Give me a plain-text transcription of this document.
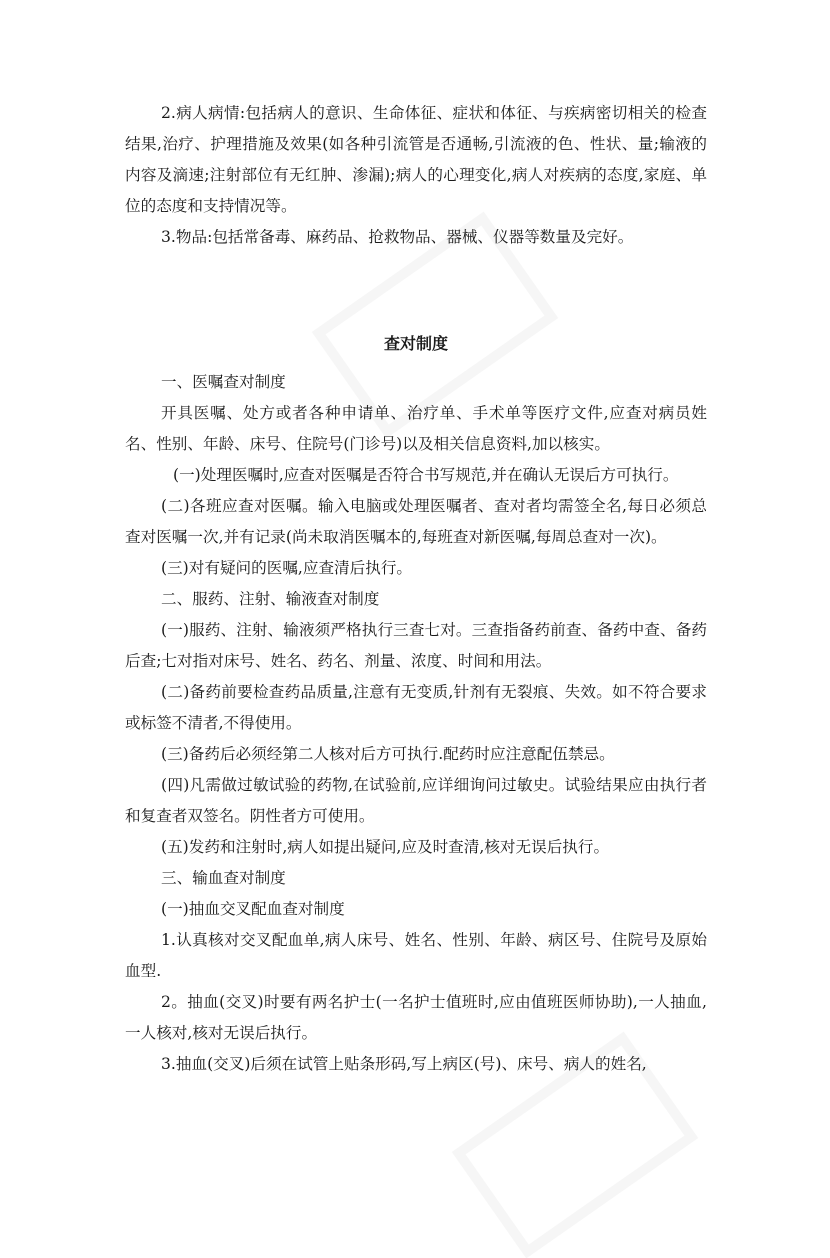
2.病人病情:包括病人的意识、生命体征、症状和体征、与疾病密切相关的检查结果,治疗、护理措施及效果(如各种引流管是否通畅,引流液的色、性状、量;输液的内容及滴速;注射部位有无红肿、渗漏);病人的心理变化,病人对疾病的态度,家庭、单位的态度和支持情况等。

3.物品:包括常备毒、麻药品、抢救物品、器械、仪器等数量及完好。

查对制度

一、医嘱查对制度

开具医嘱、处方或者各种申请单、治疗单、手术单等医疗文件,应查对病员姓名、性别、年龄、床号、住院号(门诊号)以及相关信息资料,加以核实。

(一)处理医嘱时,应查对医嘱是否符合书写规范,并在确认无误后方可执行。

(二)各班应查对医嘱。输入电脑或处理医嘱者、查对者均需签全名,每日必须总查对医嘱一次,并有记录(尚未取消医嘱本的,每班查对新医嘱,每周总查对一次)。

(三)对有疑问的医嘱,应查清后执行。

二、服药、注射、输液查对制度

(一)服药、注射、输液须严格执行三查七对。三查指备药前查、备药中查、备药后查;七对指对床号、姓名、药名、剂量、浓度、时间和用法。

(二)备药前要检查药品质量,注意有无变质,针剂有无裂痕、失效。如不符合要求或标签不清者,不得使用。

(三)备药后必须经第二人核对后方可执行.配药时应注意配伍禁忌。

(四)凡需做过敏试验的药物,在试验前,应详细询问过敏史。试验结果应由执行者和复查者双签名。阴性者方可使用。

(五)发药和注射时,病人如提出疑问,应及时查清,核对无误后执行。

三、输血查对制度

(一)抽血交叉配血查对制度

1.认真核对交叉配血单,病人床号、姓名、性别、年龄、病区号、住院号及原始血型.

2。抽血(交叉)时要有两名护士(一名护士值班时,应由值班医师协助),一人抽血,一人核对,核对无误后执行。

3.抽血(交叉)后须在试管上贴条形码,写上病区(号)、床号、病人的姓名,
